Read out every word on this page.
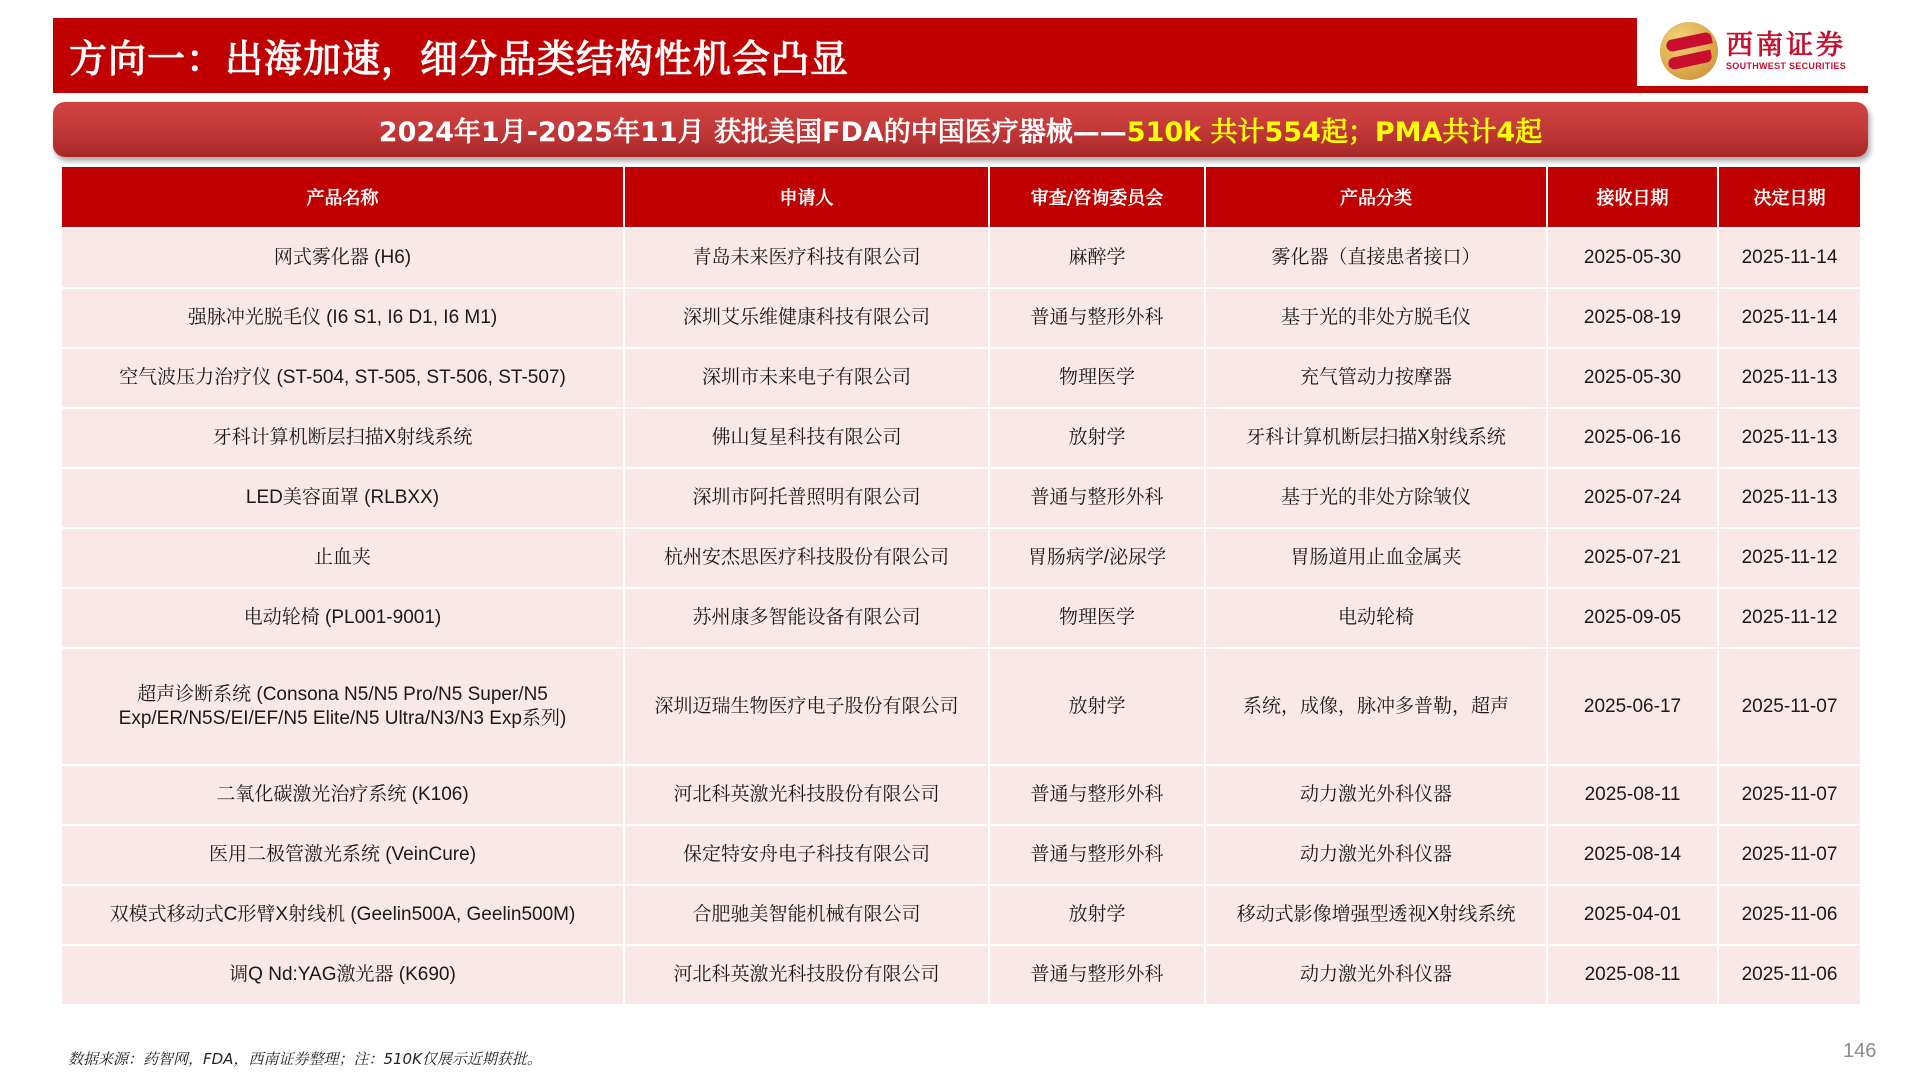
方向一：出海加速，细分品类结构性机会凸显	西南证券
SOUTHWEST SECURITIES
2024年1月-2025年11月 获批美国FDA的中国医疗器械—— 510k 共计554起；PMA共计4起
产品名称	申请人	审查/咨询委员会	产品分类	接收日期	决定日期
网式雾化器 (H6)	青岛未来医疗科技有限公司	麻醉学	雾化器（直接患者接口）	2025-05-30	2025-11-14
强脉冲光脱毛仪 (I6 S1, I6 D1, I6 M1)	深圳艾乐维健康科技有限公司	普通与整形外科	基于光的非处方脱毛仪	2025-08-19	2025-11-14
空气波压力治疗仪 (ST-504, ST-505, ST-506, ST-507)	深圳市未来电子有限公司	物理医学	充气管动力按摩器	2025-05-30	2025-11-13
牙科计算机断层扫描X射线系统	佛山复星科技有限公司	放射学	牙科计算机断层扫描X射线系统	2025-06-16	2025-11-13
LED美容面罩 (RLBXX)	深圳市阿托普照明有限公司	普通与整形外科	基于光的非处方除皱仪	2025-07-24	2025-11-13
止血夹	杭州安杰思医疗科技股份有限公司	胃肠病学/泌尿学	胃肠道用止血金属夹	2025-07-21	2025-11-12
电动轮椅 (PL001-9001)	苏州康多智能设备有限公司	物理医学	电动轮椅	2025-09-05	2025-11-12
超声诊断系统 (Consona N5/N5 Pro/N5 Super/N5 Exp/ER/N5S/EI/EF/N5 Elite/N5 Ultra/N3/N3 Exp系列)	深圳迈瑞生物医疗电子股份有限公司	放射学	系统，成像，脉冲多普勒，超声	2025-06-17	2025-11-07
二氧化碳激光治疗系统 (K106)	河北科英激光科技股份有限公司	普通与整形外科	动力激光外科仪器	2025-08-11	2025-11-07
医用二极管激光系统 (VeinCure)	保定特安舟电子科技有限公司	普通与整形外科	动力激光外科仪器	2025-08-14	2025-11-07
双模式移动式C形臂X射线机 (Geelin500A, Geelin500M)	合肥驰美智能机械有限公司	放射学	移动式影像增强型透视X射线系统	2025-04-01	2025-11-06
调Q Nd:YAG激光器 (K690)	河北科英激光科技股份有限公司	普通与整形外科	动力激光外科仪器	2025-08-11	2025-11-06
数据来源：药智网，FDA，西南证券整理；注：510K仅展示近期获批。	146
